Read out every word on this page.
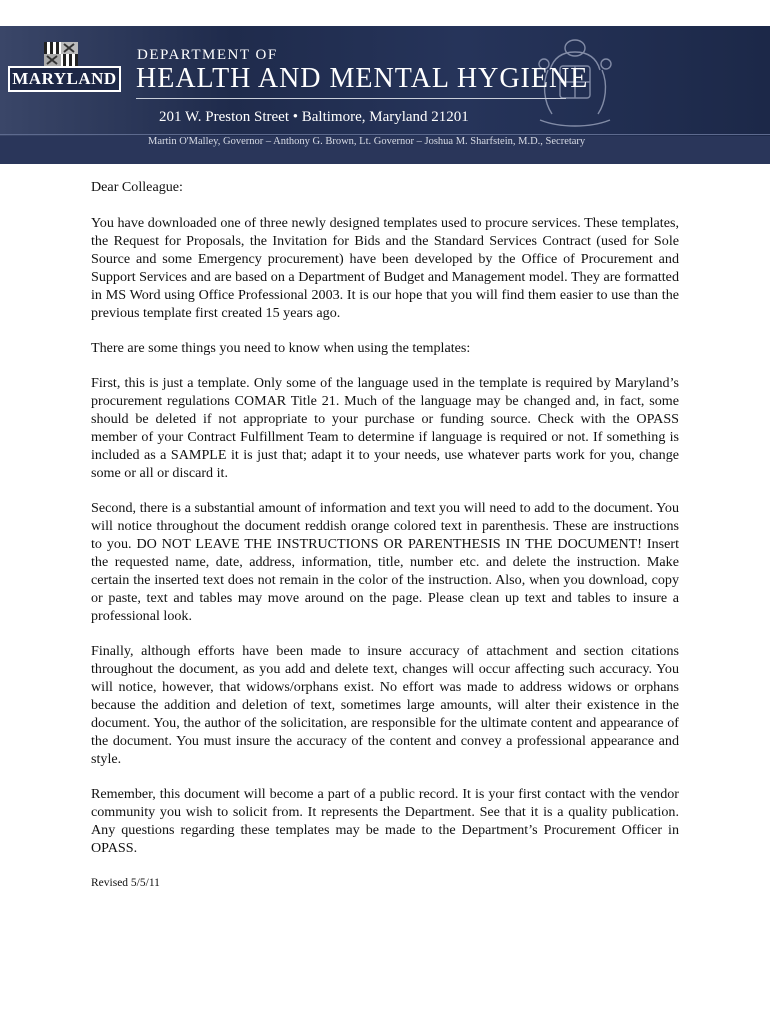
MARYLAND
DEPARTMENT OF
HEALTH AND MENTAL HYGIENE
201 W. Preston Street • Baltimore, Maryland 21201
Martin O'Malley, Governor – Anthony G. Brown, Lt. Governor – Joshua M. Sharfstein, M.D., Secretary

Dear Colleague:

You have downloaded one of three newly designed templates used to procure services. These templates, the Request for Proposals, the Invitation for Bids and the Standard Services Contract (used for Sole Source and some Emergency procurement) have been developed by the Office of Procurement and Support Services and are based on a Department of Budget and Management model. They are formatted in MS Word using Office Professional 2003. It is our hope that you will find them easier to use than the previous template first created 15 years ago.

There are some things you need to know when using the templates:

First, this is just a template. Only some of the language used in the template is required by Maryland’s procurement regulations COMAR Title 21. Much of the language may be changed and, in fact, some should be deleted if not appropriate to your purchase or funding source. Check with the OPASS member of your Contract Fulfillment Team to determine if language is required or not. If something is included as a SAMPLE it is just that; adapt it to your needs, use whatever parts work for you, change some or all or discard it.

Second, there is a substantial amount of information and text you will need to add to the document. You will notice throughout the document reddish orange colored text in parenthesis. These are instructions to you. DO NOT LEAVE THE INSTRUCTIONS OR PARENTHESIS IN THE DOCUMENT! Insert the requested name, date, address, information, title, number etc. and delete the instruction. Make certain the inserted text does not remain in the color of the instruction. Also, when you download, copy or paste, text and tables may move around on the page. Please clean up text and tables to insure a professional look.

Finally, although efforts have been made to insure accuracy of attachment and section citations throughout the document, as you add and delete text, changes will occur affecting such accuracy. You will notice, however, that widows/orphans exist. No effort was made to address widows or orphans because the addition and deletion of text, sometimes large amounts, will alter their existence in the document. You, the author of the solicitation, are responsible for the ultimate content and appearance of the document. You must insure the accuracy of the content and convey a professional appearance and style.

Remember, this document will become a part of a public record. It is your first contact with the vendor community you wish to solicit from. It represents the Department. See that it is a quality publication. Any questions regarding these templates may be made to the Department’s Procurement Officer in OPASS.

Revised 5/5/11
